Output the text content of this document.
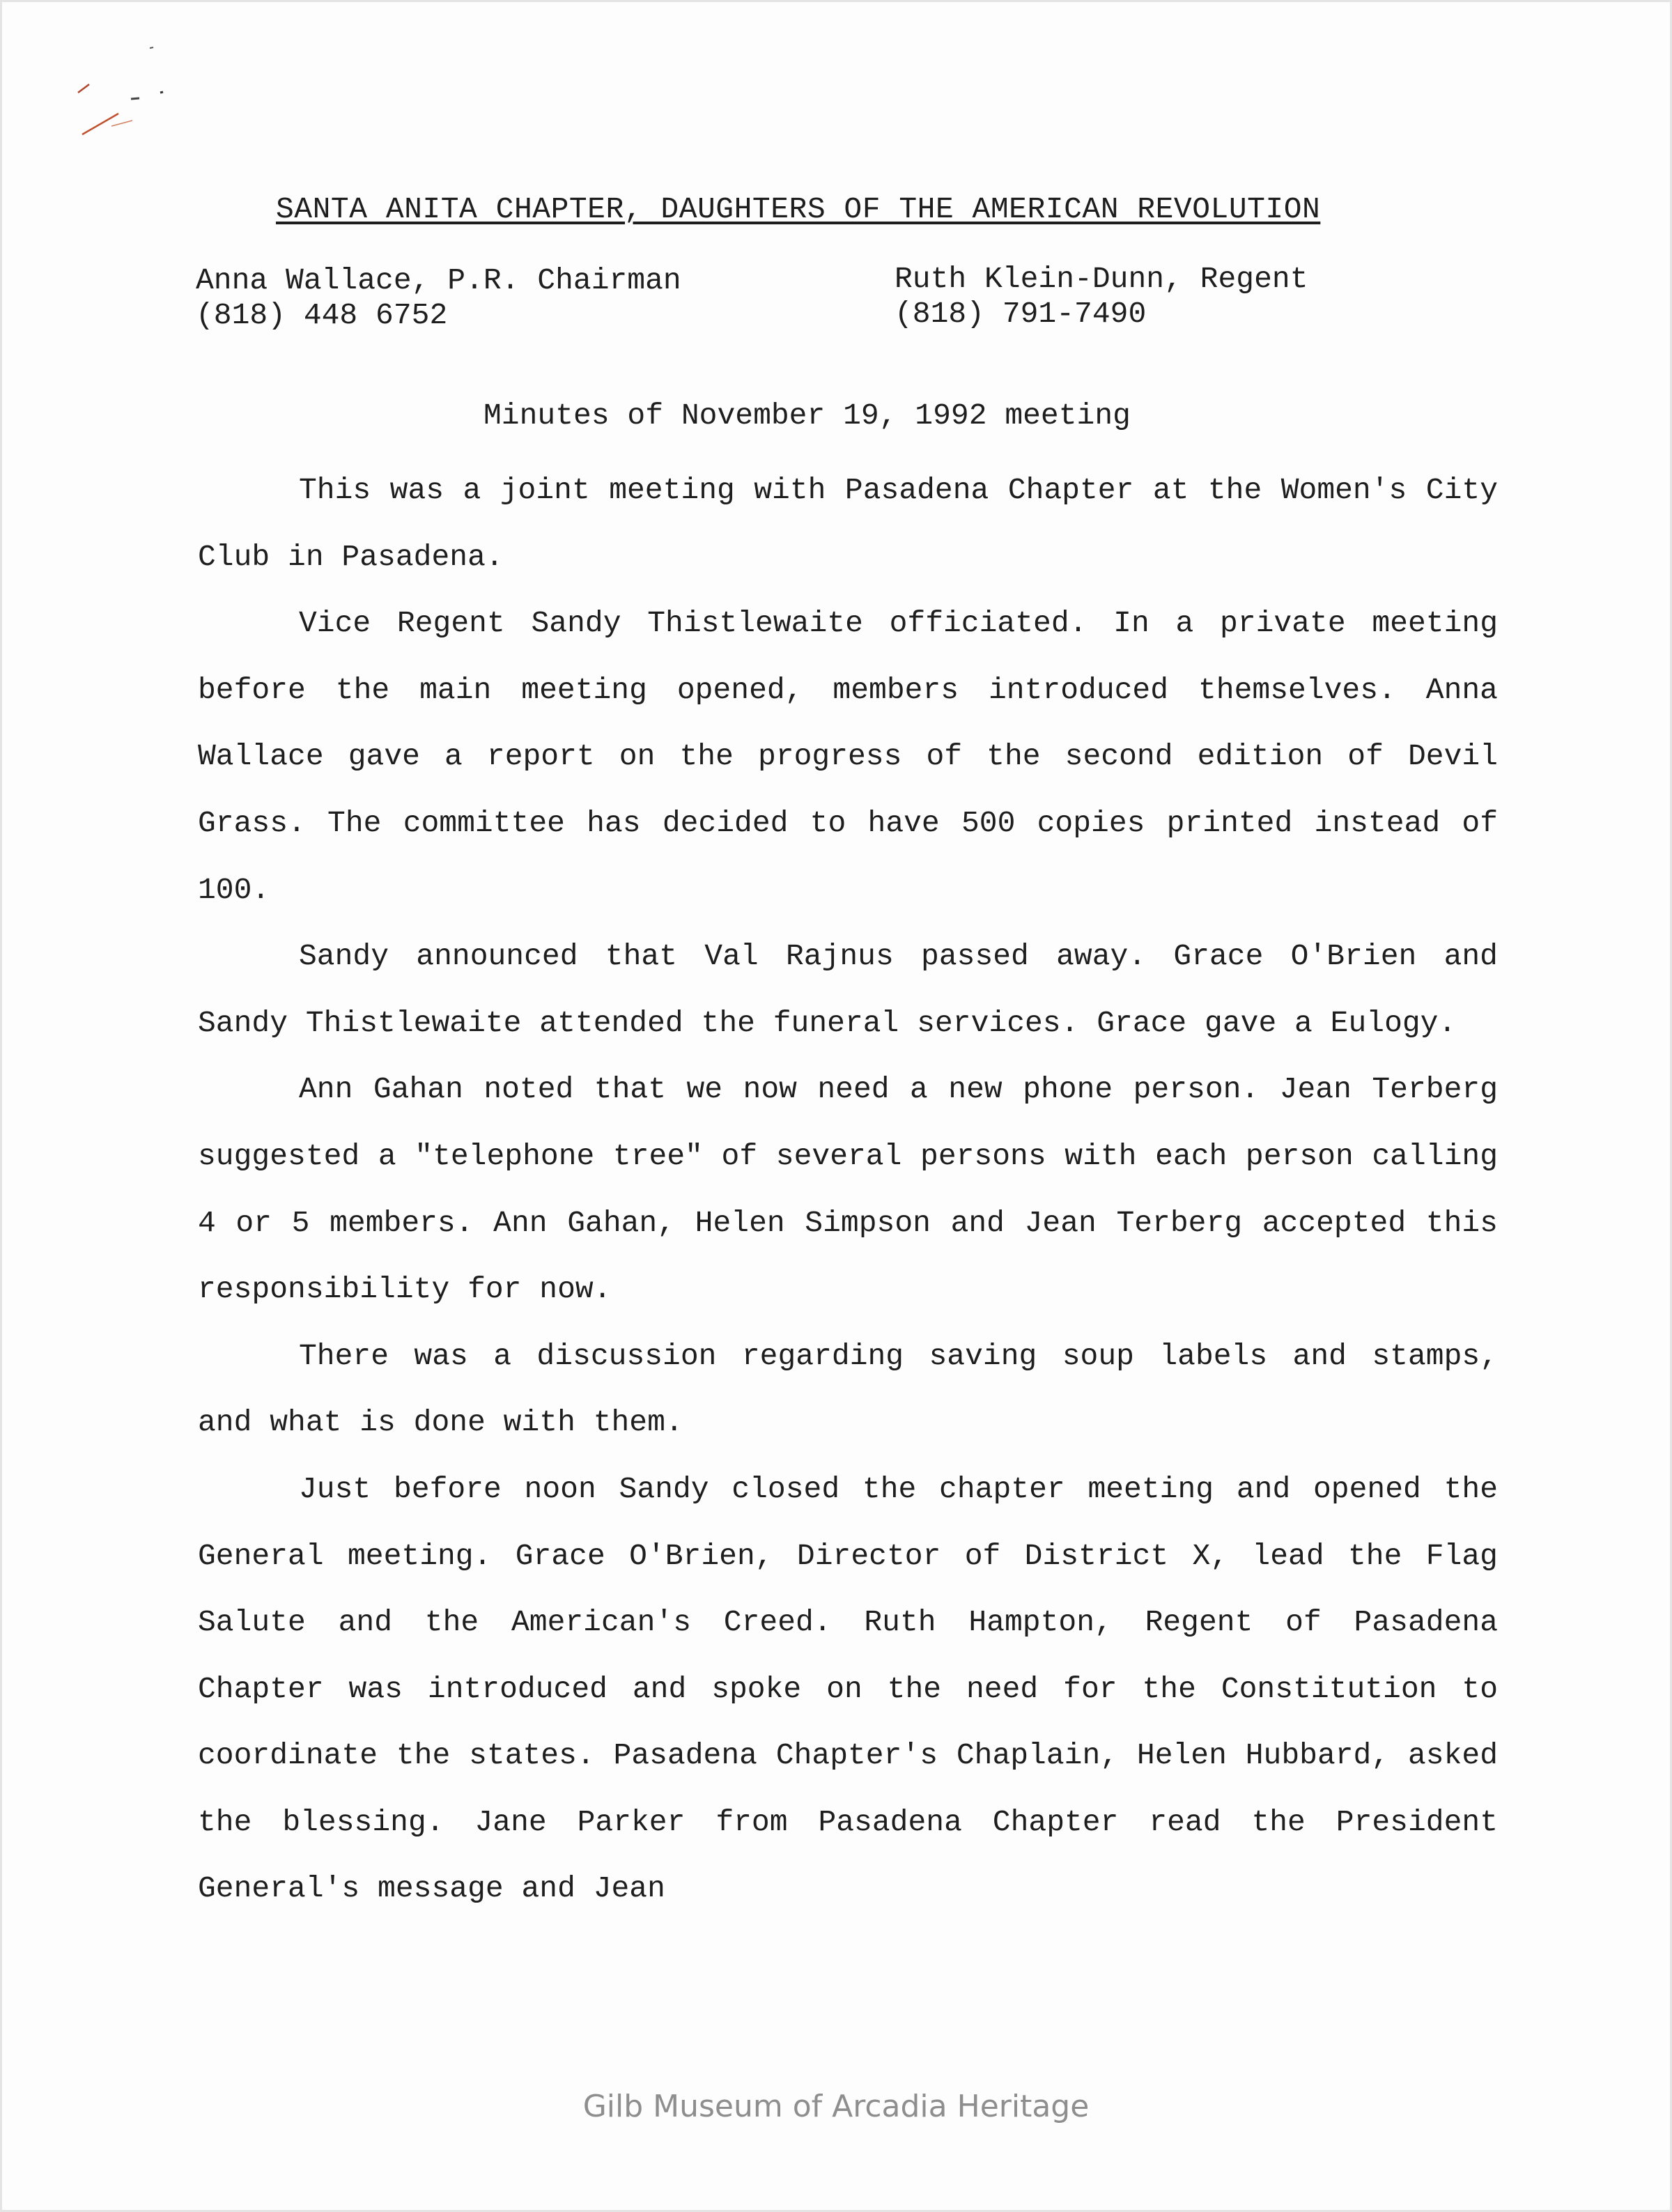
SANTA ANITA CHAPTER, DAUGHTERS OF THE AMERICAN REVOLUTION
Anna Wallace, P.R. Chairman
(818) 448 6752
Ruth Klein-Dunn, Regent
(818) 791-7490
Minutes of November 19, 1992 meeting

This was a joint meeting with Pasadena Chapter at the Women's City Club in Pasadena.

Vice Regent Sandy Thistlewaite officiated. In a private meeting before the main meeting opened, members introduced themselves. Anna Wallace gave a report on the progress of the second edition of Devil Grass. The committee has decided to have 500 copies printed instead of 100.

Sandy announced that Val Rajnus passed away. Grace O'Brien and Sandy Thistlewaite attended the funeral services. Grace gave a Eulogy.

Ann Gahan noted that we now need a new phone person. Jean Terberg suggested a "telephone tree" of several persons with each person calling 4 or 5 members. Ann Gahan, Helen Simpson and Jean Terberg accepted this responsibility for now.

There was a discussion regarding saving soup labels and stamps, and what is done with them.

Just before noon Sandy closed the chapter meeting and opened the General meeting. Grace O'Brien, Director of District X, lead the Flag Salute and the American's Creed. Ruth Hampton, Regent of Pasadena Chapter was introduced and spoke on the need for the Constitution to coordinate the states. Pasadena Chapter's Chaplain, Helen Hubbard, asked the blessing. Jane Parker from Pasadena Chapter read the President General's message and Jean

Gilb Museum of Arcadia Heritage
